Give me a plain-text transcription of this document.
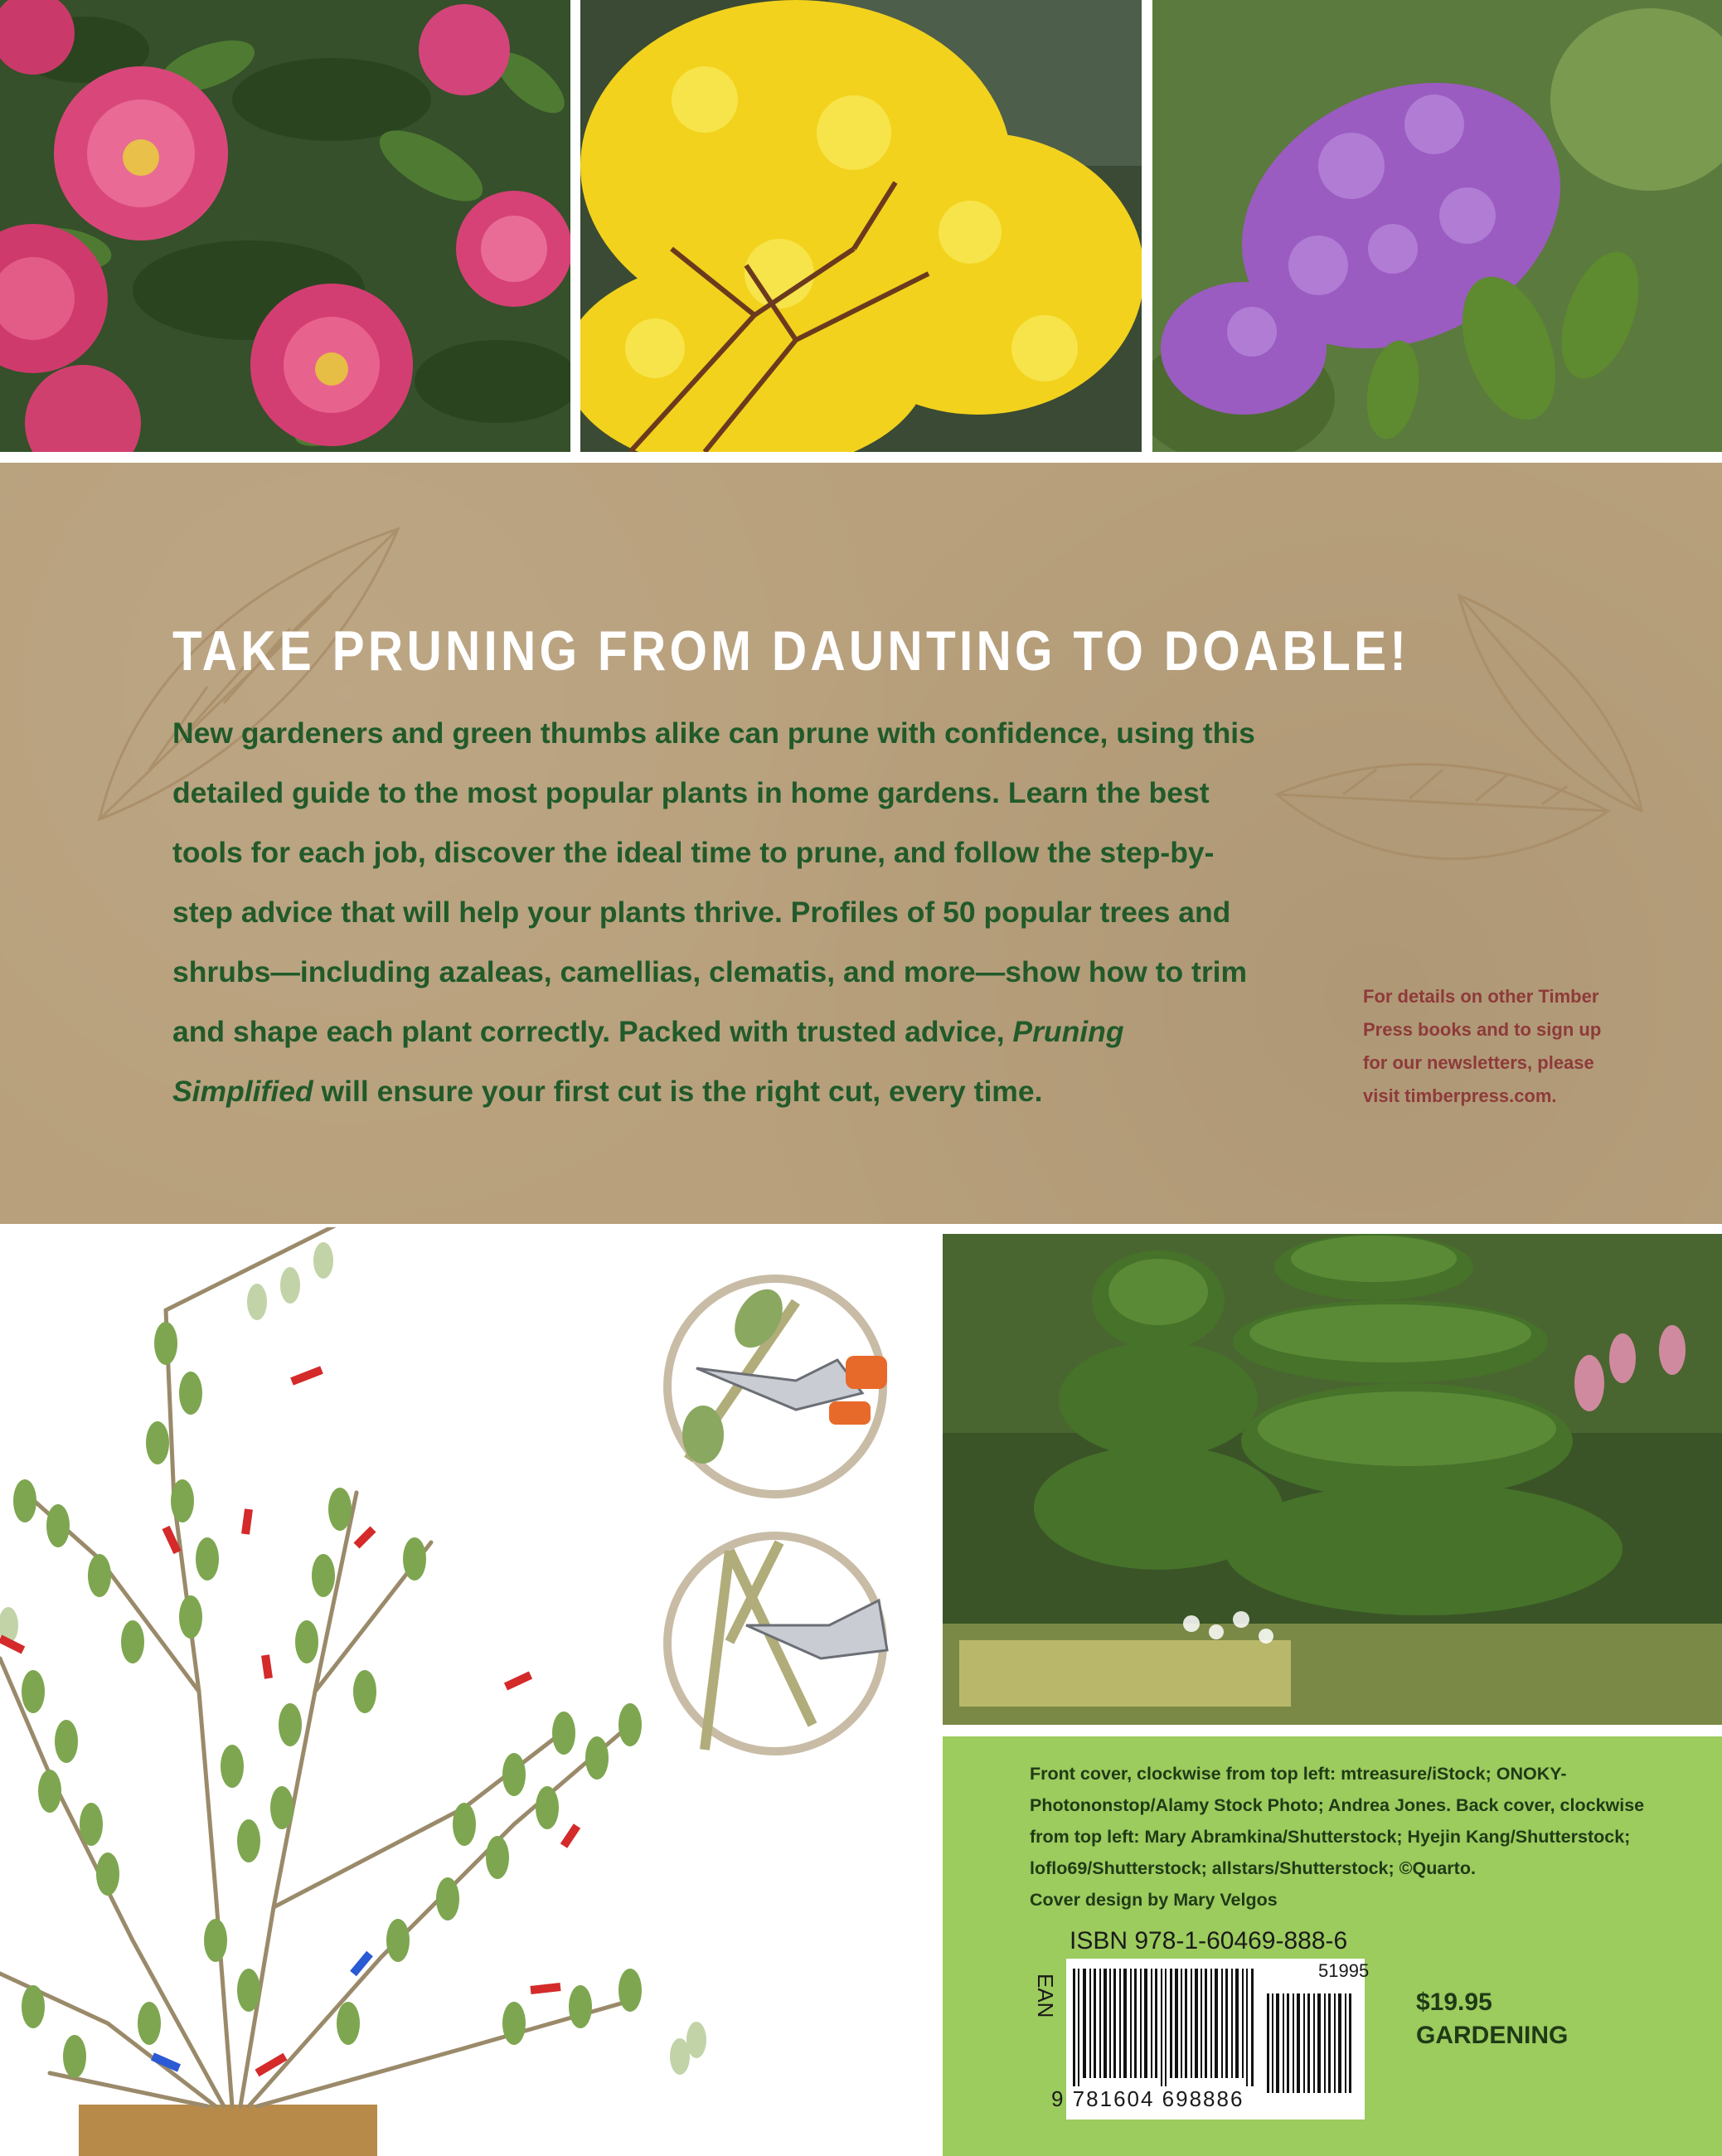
TAKE PRUNING FROM DAUNTING TO DOABLE!
New gardeners and green thumbs alike can prune with confidence, using this detailed guide to the most popular plants in home gardens. Learn the best tools for each job, discover the ideal time to prune, and follow the step-by-step advice that will help your plants thrive. Profiles of 50 popular trees and shrubs—including azaleas, camellias, clematis, and more—show how to trim and shape each plant correctly. Packed with trusted advice, Pruning
Simplified will ensure your first cut is the right cut, every time.
For details on other Timber Press books and to sign up for our newsletters, please visit timberpress.com.
Front cover, clockwise from top left: mtreasure/iStock; ONOKY-Photononstop/Alamy Stock Photo; Andrea Jones. Back cover, clockwise from top left: Mary Abramkina/Shutterstock; Hyejin Kang/Shutterstock; loflo69/Shutterstock; allstars/Shutterstock; ©Quarto.
Cover design by Mary Velgos
ISBN 978-1-60469-888-6
EAN
51995
9 781604 698886
$19.95
GARDENING
